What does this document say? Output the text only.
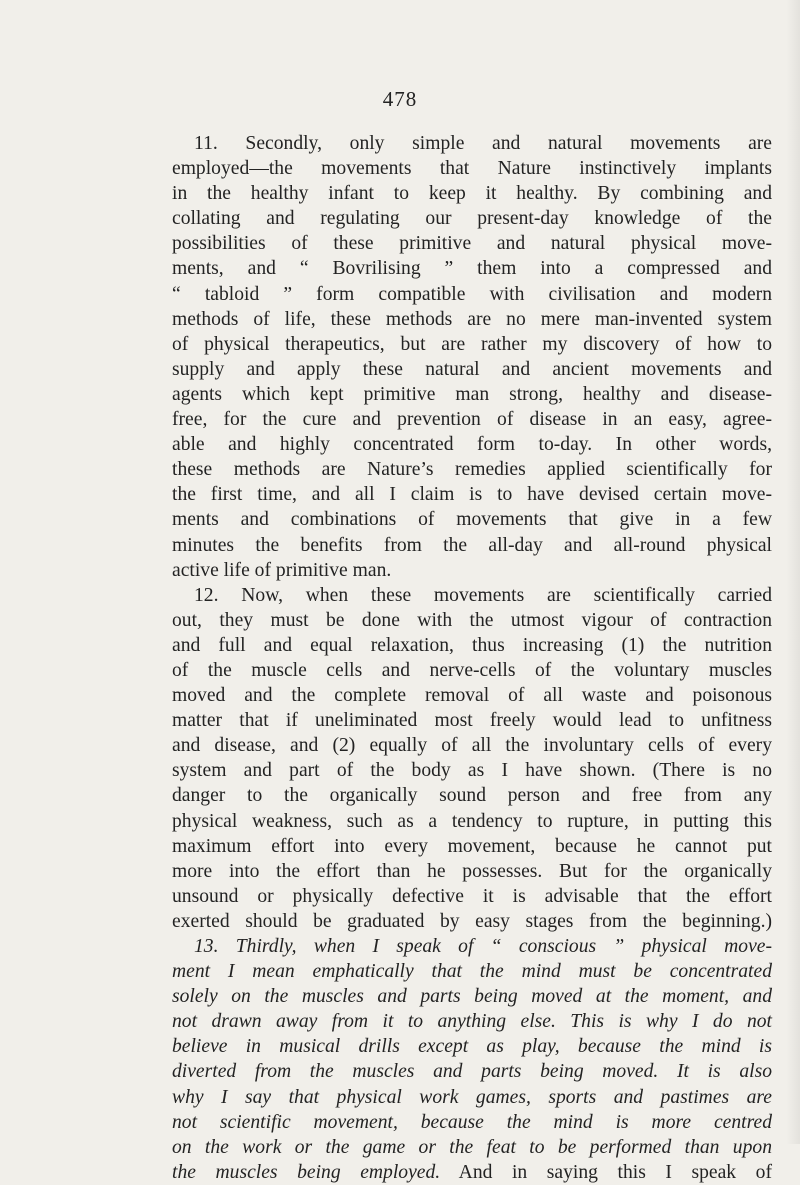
478
11. Secondly, only simple and natural movements are
employed—the movements that Nature instinctively implants
in the healthy infant to keep it healthy. By combining and
collating and regulating our present-day knowledge of the
possibilities of these primitive and natural physical move-
ments, and “ Bovrilising ” them into a compressed and
“ tabloid ” form compatible with civilisation and modern
methods of life, these methods are no mere man-invented system
of physical therapeutics, but are rather my discovery of how to
supply and apply these natural and ancient movements and
agents which kept primitive man strong, healthy and disease-
free, for the cure and prevention of disease in an easy, agree-
able and highly concentrated form to-day. In other words,
these methods are Nature’s remedies applied scientifically for
the first time, and all I claim is to have devised certain move-
ments and combinations of movements that give in a few
minutes the benefits from the all-day and all-round physical
active life of primitive man.
12. Now, when these movements are scientifically carried
out, they must be done with the utmost vigour of contraction
and full and equal relaxation, thus increasing (1) the nutrition
of the muscle cells and nerve-cells of the voluntary muscles
moved and the complete removal of all waste and poisonous
matter that if uneliminated most freely would lead to unfitness
and disease, and (2) equally of all the involuntary cells of every
system and part of the body as I have shown. (There is no
danger to the organically sound person and free from any
physical weakness, such as a tendency to rupture, in putting this
maximum effort into every movement, because he cannot put
more into the effort than he possesses. But for the organically
unsound or physically defective it is advisable that the effort
exerted should be graduated by easy stages from the beginning.)
13. Thirdly, when I speak of “ conscious ” physical move-
ment I mean emphatically that the mind must be concentrated
solely on the muscles and parts being moved at the moment, and
not drawn away from it to anything else. This is why I do not
believe in musical drills except as play, because the mind is
diverted from the muscles and parts being moved. It is also
why I say that physical work games, sports and pastimes are
not scientific movement, because the mind is more centred
on the work or the game or the feat to be performed than upon
the muscles being employed. And in saying this I speak of
